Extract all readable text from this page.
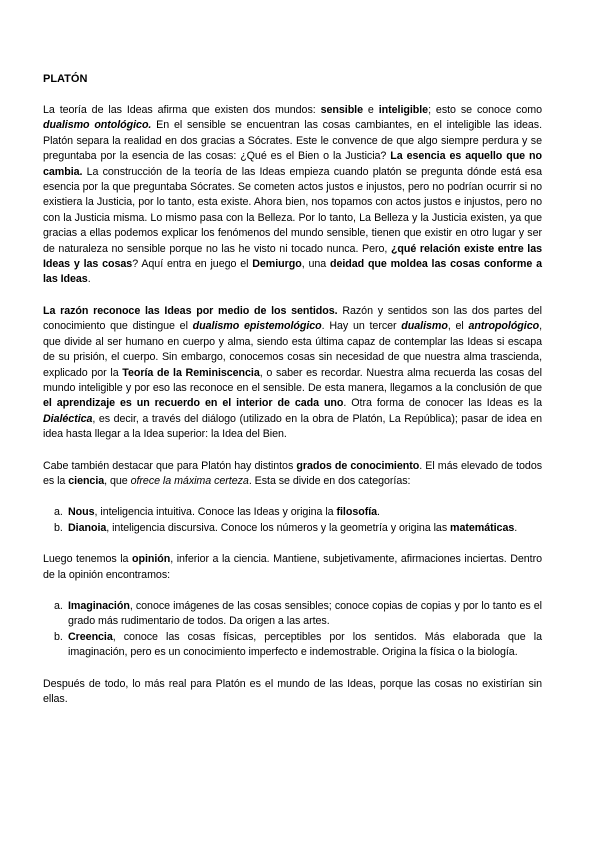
PLATÓN

La teoría de las Ideas afirma que existen dos mundos: sensible e inteligible; esto se conoce como dualismo ontológico. En el sensible se encuentran las cosas cambiantes, en el inteligible las ideas. Platón separa la realidad en dos gracias a Sócrates. Este le convence de que algo siempre perdura y se preguntaba por la esencia de las cosas: ¿Qué es el Bien o la Justicia? La esencia es aquello que no cambia. La construcción de la teoría de las Ideas empieza cuando platón se pregunta dónde está esa esencia por la que preguntaba Sócrates. Se cometen actos justos e injustos, pero no podrían ocurrir si no existiera la Justicia, por lo tanto, esta existe. Ahora bien, nos topamos con actos justos e injustos, pero no con la Justicia misma. Lo mismo pasa con la Belleza. Por lo tanto, La Belleza y la Justicia existen, ya que gracias a ellas podemos explicar los fenómenos del mundo sensible, tienen que existir en otro lugar y ser de naturaleza no sensible porque no las he visto ni tocado nunca. Pero, ¿qué relación existe entre las Ideas y las cosas? Aquí entra en juego el Demiurgo, una deidad que moldea las cosas conforme a las Ideas.

La razón reconoce las Ideas por medio de los sentidos. Razón y sentidos son las dos partes del conocimiento que distingue el dualismo epistemológico. Hay un tercer dualismo, el antropológico, que divide al ser humano en cuerpo y alma, siendo esta última capaz de contemplar las Ideas si escapa de su prisión, el cuerpo. Sin embargo, conocemos cosas sin necesidad de que nuestra alma trascienda, explicado por la Teoría de la Reminiscencia, o saber es recordar. Nuestra alma recuerda las cosas del mundo inteligible y por eso las reconoce en el sensible. De esta manera, llegamos a la conclusión de que el aprendizaje es un recuerdo en el interior de cada uno. Otra forma de conocer las Ideas es la Dialéctica, es decir, a través del diálogo (utilizado en la obra de Platón, La República); pasar de idea en idea hasta llegar a la Idea superior: la Idea del Bien.

Cabe también destacar que para Platón hay distintos grados de conocimiento. El más elevado de todos es la ciencia, que ofrece la máxima certeza. Esta se divide en dos categorías:

a. Nous, inteligencia intuitiva. Conoce las Ideas y origina la filosofía.
b. Dianoia, inteligencia discursiva. Conoce los números y la geometría y origina las matemáticas.

Luego tenemos la opinión, inferior a la ciencia. Mantiene, subjetivamente, afirmaciones inciertas. Dentro de la opinión encontramos:

a. Imaginación, conoce imágenes de las cosas sensibles; conoce copias de copias y por lo tanto es el grado más rudimentario de todos. Da origen a las artes.
b. Creencia, conoce las cosas físicas, perceptibles por los sentidos. Más elaborada que la imaginación, pero es un conocimiento imperfecto e indemostrable. Origina la física o la biología.

Después de todo, lo más real para Platón es el mundo de las Ideas, porque las cosas no existirían sin ellas.
